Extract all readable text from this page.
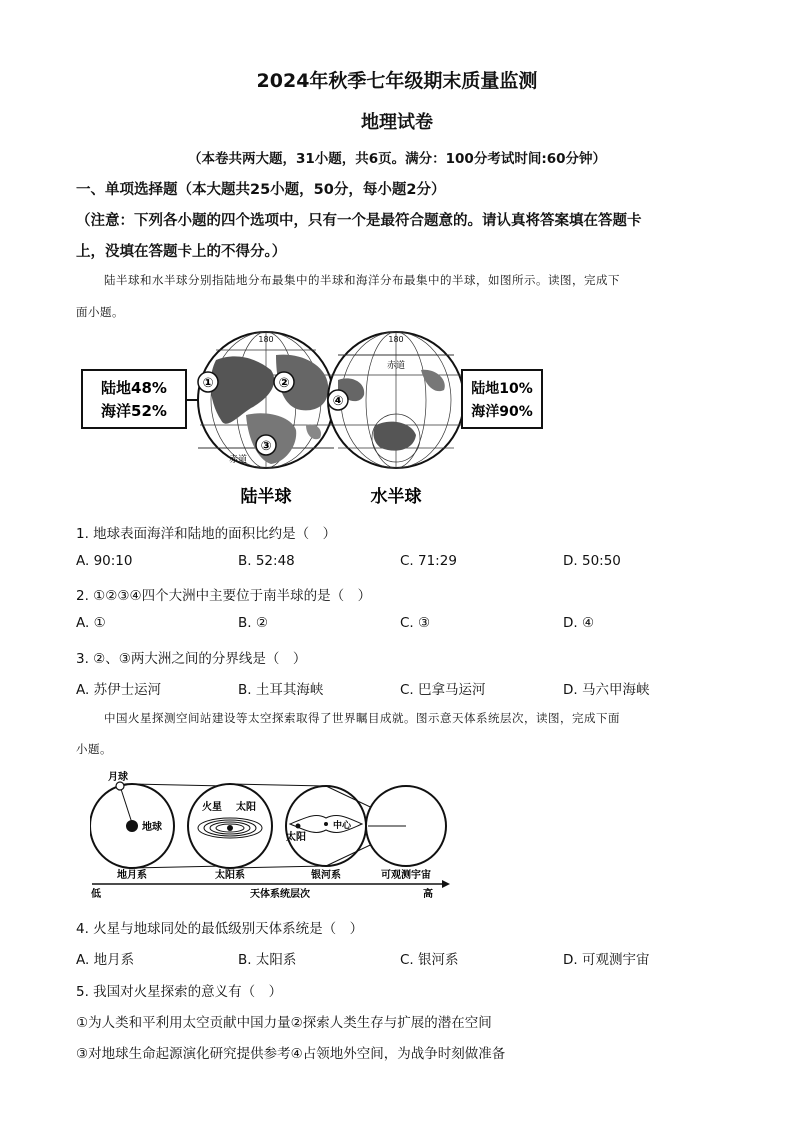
2024年秋季七年级期末质量监测
地理试卷
（本卷共两大题，31小题，共6页。满分：100分考试时间:60分钟）
一、单项选择题（本大题共25小题，50分，每小题2分）
（注意：下列各小题的四个选项中，只有一个是最符合题意的。请认真将答案填在答题卡
上，没填在答题卡上的不得分。）
陆半球和水半球分别指陆地分布最集中的半球和海洋分布最集中的半球，如图所示。读图，完成下
面小题。
陆地48%
海洋52%
180
①	②
③
赤道
陆半球
180
赤道
④
水半球
陆地10%
海洋90%
1. 地球表面海洋和陆地的面积比约是（　）
A. 90:10	B. 52:48	C. 71:29	D. 50:50
2. ①②③④四个大洲中主要位于南半球的是（　）
A. ①	B. ②	C. ③	D. ④
3. ②、③两大洲之间的分界线是（　）
A. 苏伊士运河	B. 土耳其海峡	C. 巴拿马运河	D. 马六甲海峡
中国火星探测空间站建设等太空探索取得了世界瞩目成就。图示意天体系统层次，读图，完成下面
小题。
月球
地球
火星 太阳
太阳
中心
地月系	太阳系	银河系	可观测宇宙
低	天体系统层次	高
4. 火星与地球同处的最低级别天体系统是（　）
A. 地月系	B. 太阳系	C. 银河系	D. 可观测宇宙
5. 我国对火星探索的意义有（　）
①为人类和平利用太空贡献中国力量②探索人类生存与扩展的潜在空间
③对地球生命起源演化研究提供参考④占领地外空间，为战争时刻做准备
